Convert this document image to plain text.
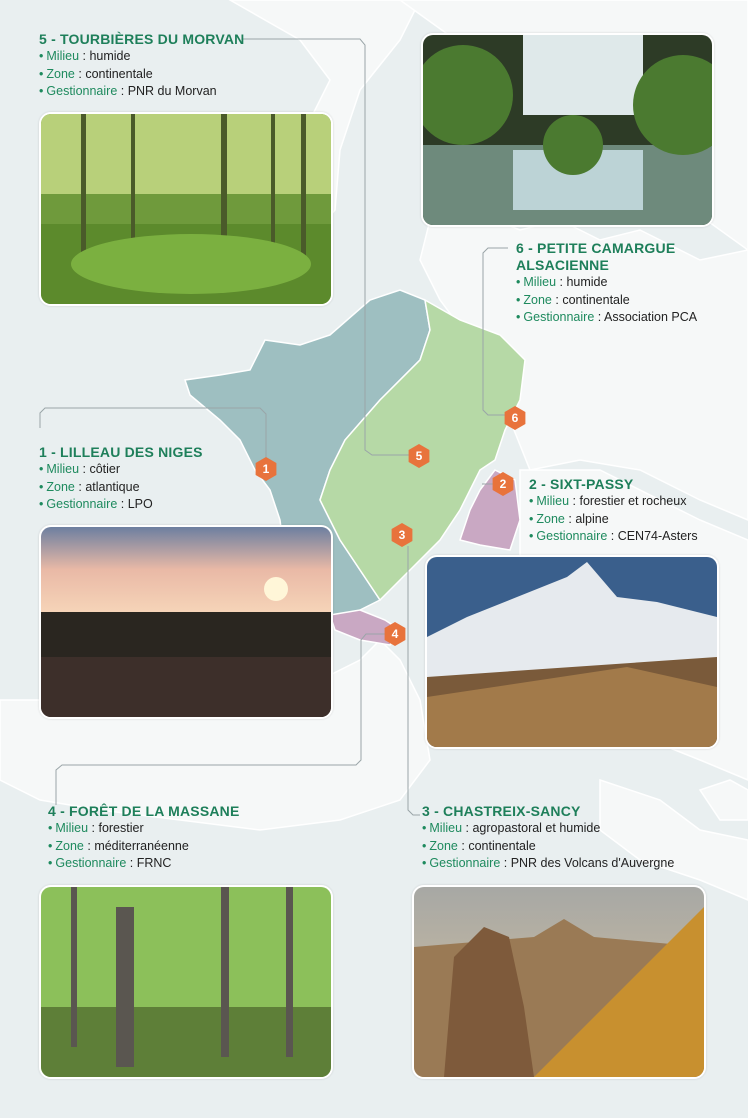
1
2
3
4
5
6
5 - TOURBIÈRES DU MORVAN
• Milieu : humide
• Zone : continentale
• Gestionnaire : PNR du Morvan
6 - PETITE CAMARGUE
ALSACIENNE
• Milieu : humide
• Zone : continentale
• Gestionnaire : Association PCA
1 - LILLEAU DES NIGES
• Milieu : côtier
• Zone : atlantique
• Gestionnaire : LPO
2 - SIXT-PASSY
• Milieu : forestier et rocheux
• Zone : alpine
• Gestionnaire : CEN74-Asters
4 - FORÊT DE LA MASSANE
• Milieu : forestier
• Zone : méditerranéenne
• Gestionnaire : FRNC
3 - CHASTREIX-SANCY
• Milieu : agropastoral et humide
• Zone : continentale
• Gestionnaire : PNR des Volcans d'Auvergne
